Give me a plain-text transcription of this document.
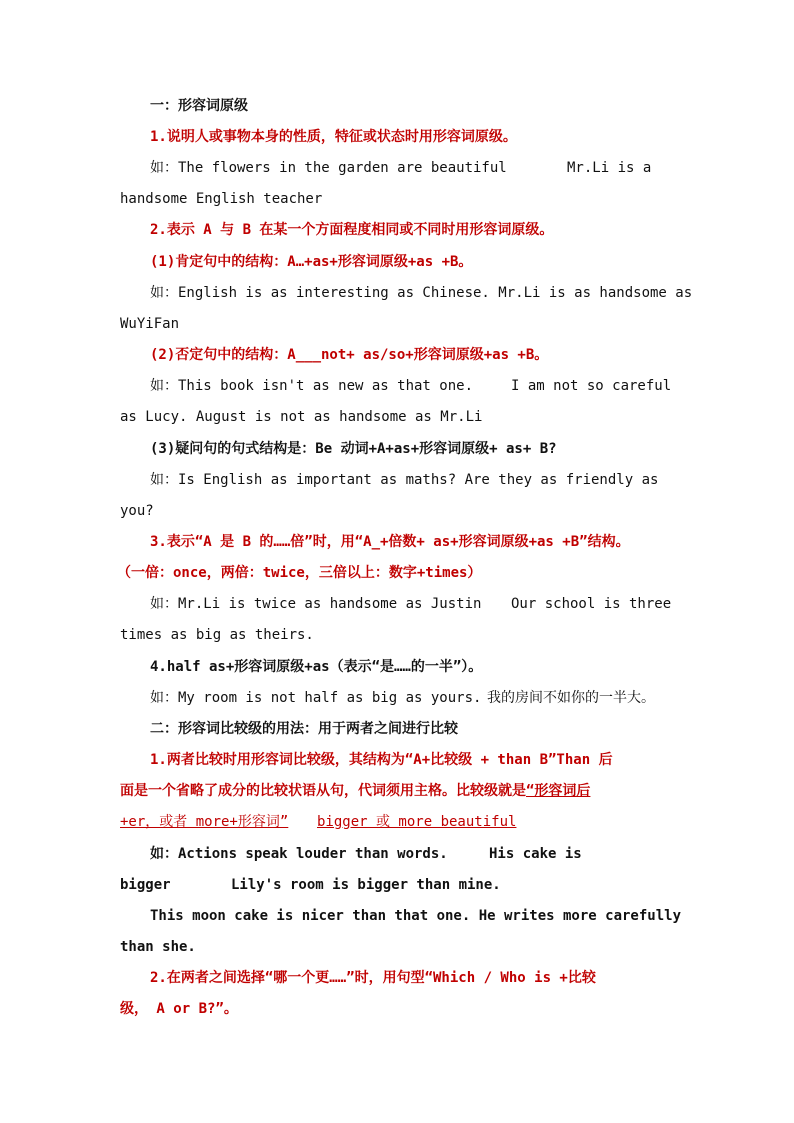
一：形容词原级
1.说明人或事物本身的性质，特征或状态时用形容词原级。
如：The flowers in the garden are beautiful	Mr.Li is a
handsome English teacher
2.表示 A 与 B 在某一个方面程度相同或不同时用形容词原级。
(1)肯定句中的结构：A…+as+形容词原级+as +B。
如：English is as interesting as Chinese. Mr.Li is as handsome as
WuYiFan
(2)否定句中的结构：A___not+ as/so+形容词原级+as +B。
如：This book isn't as new as that one.	I am not so careful
as Lucy. August is not as handsome as Mr.Li
(3)疑问句的句式结构是：Be 动词+A+as+形容词原级+ as+ B?
如：Is English as important as maths? Are they as friendly as
you?
3.表示“A 是 B 的……倍”时，用“A_+倍数+ as+形容词原级+as +B”结构。
（一倍：once，两倍：twice，三倍以上：数字+times）
如：Mr.Li is twice as handsome as Justin Our school is three
times as big as theirs.
4.half as+形容词原级+as（表示“是……的一半”）。
如：My room is not half as big as yours. 我的房间不如你的一半大。
二：形容词比较级的用法：用于两者之间进行比较
1.两者比较时用形容词比较级，其结构为“A+比较级 + than B”Than 后
面是一个省略了成分的比较状语从句，代词须用主格。比较级就是“形容词后
+er，或者 more+形容词” bigger 或 more beautiful
如：Actions speak louder than words.	His cake is
bigger	Lily's room is bigger than mine.
This moon cake is nicer than that one. He writes more carefully
than she.
2.在两者之间选择“哪一个更……”时，用句型“Which / Who is +比较
级， A or B?”。
